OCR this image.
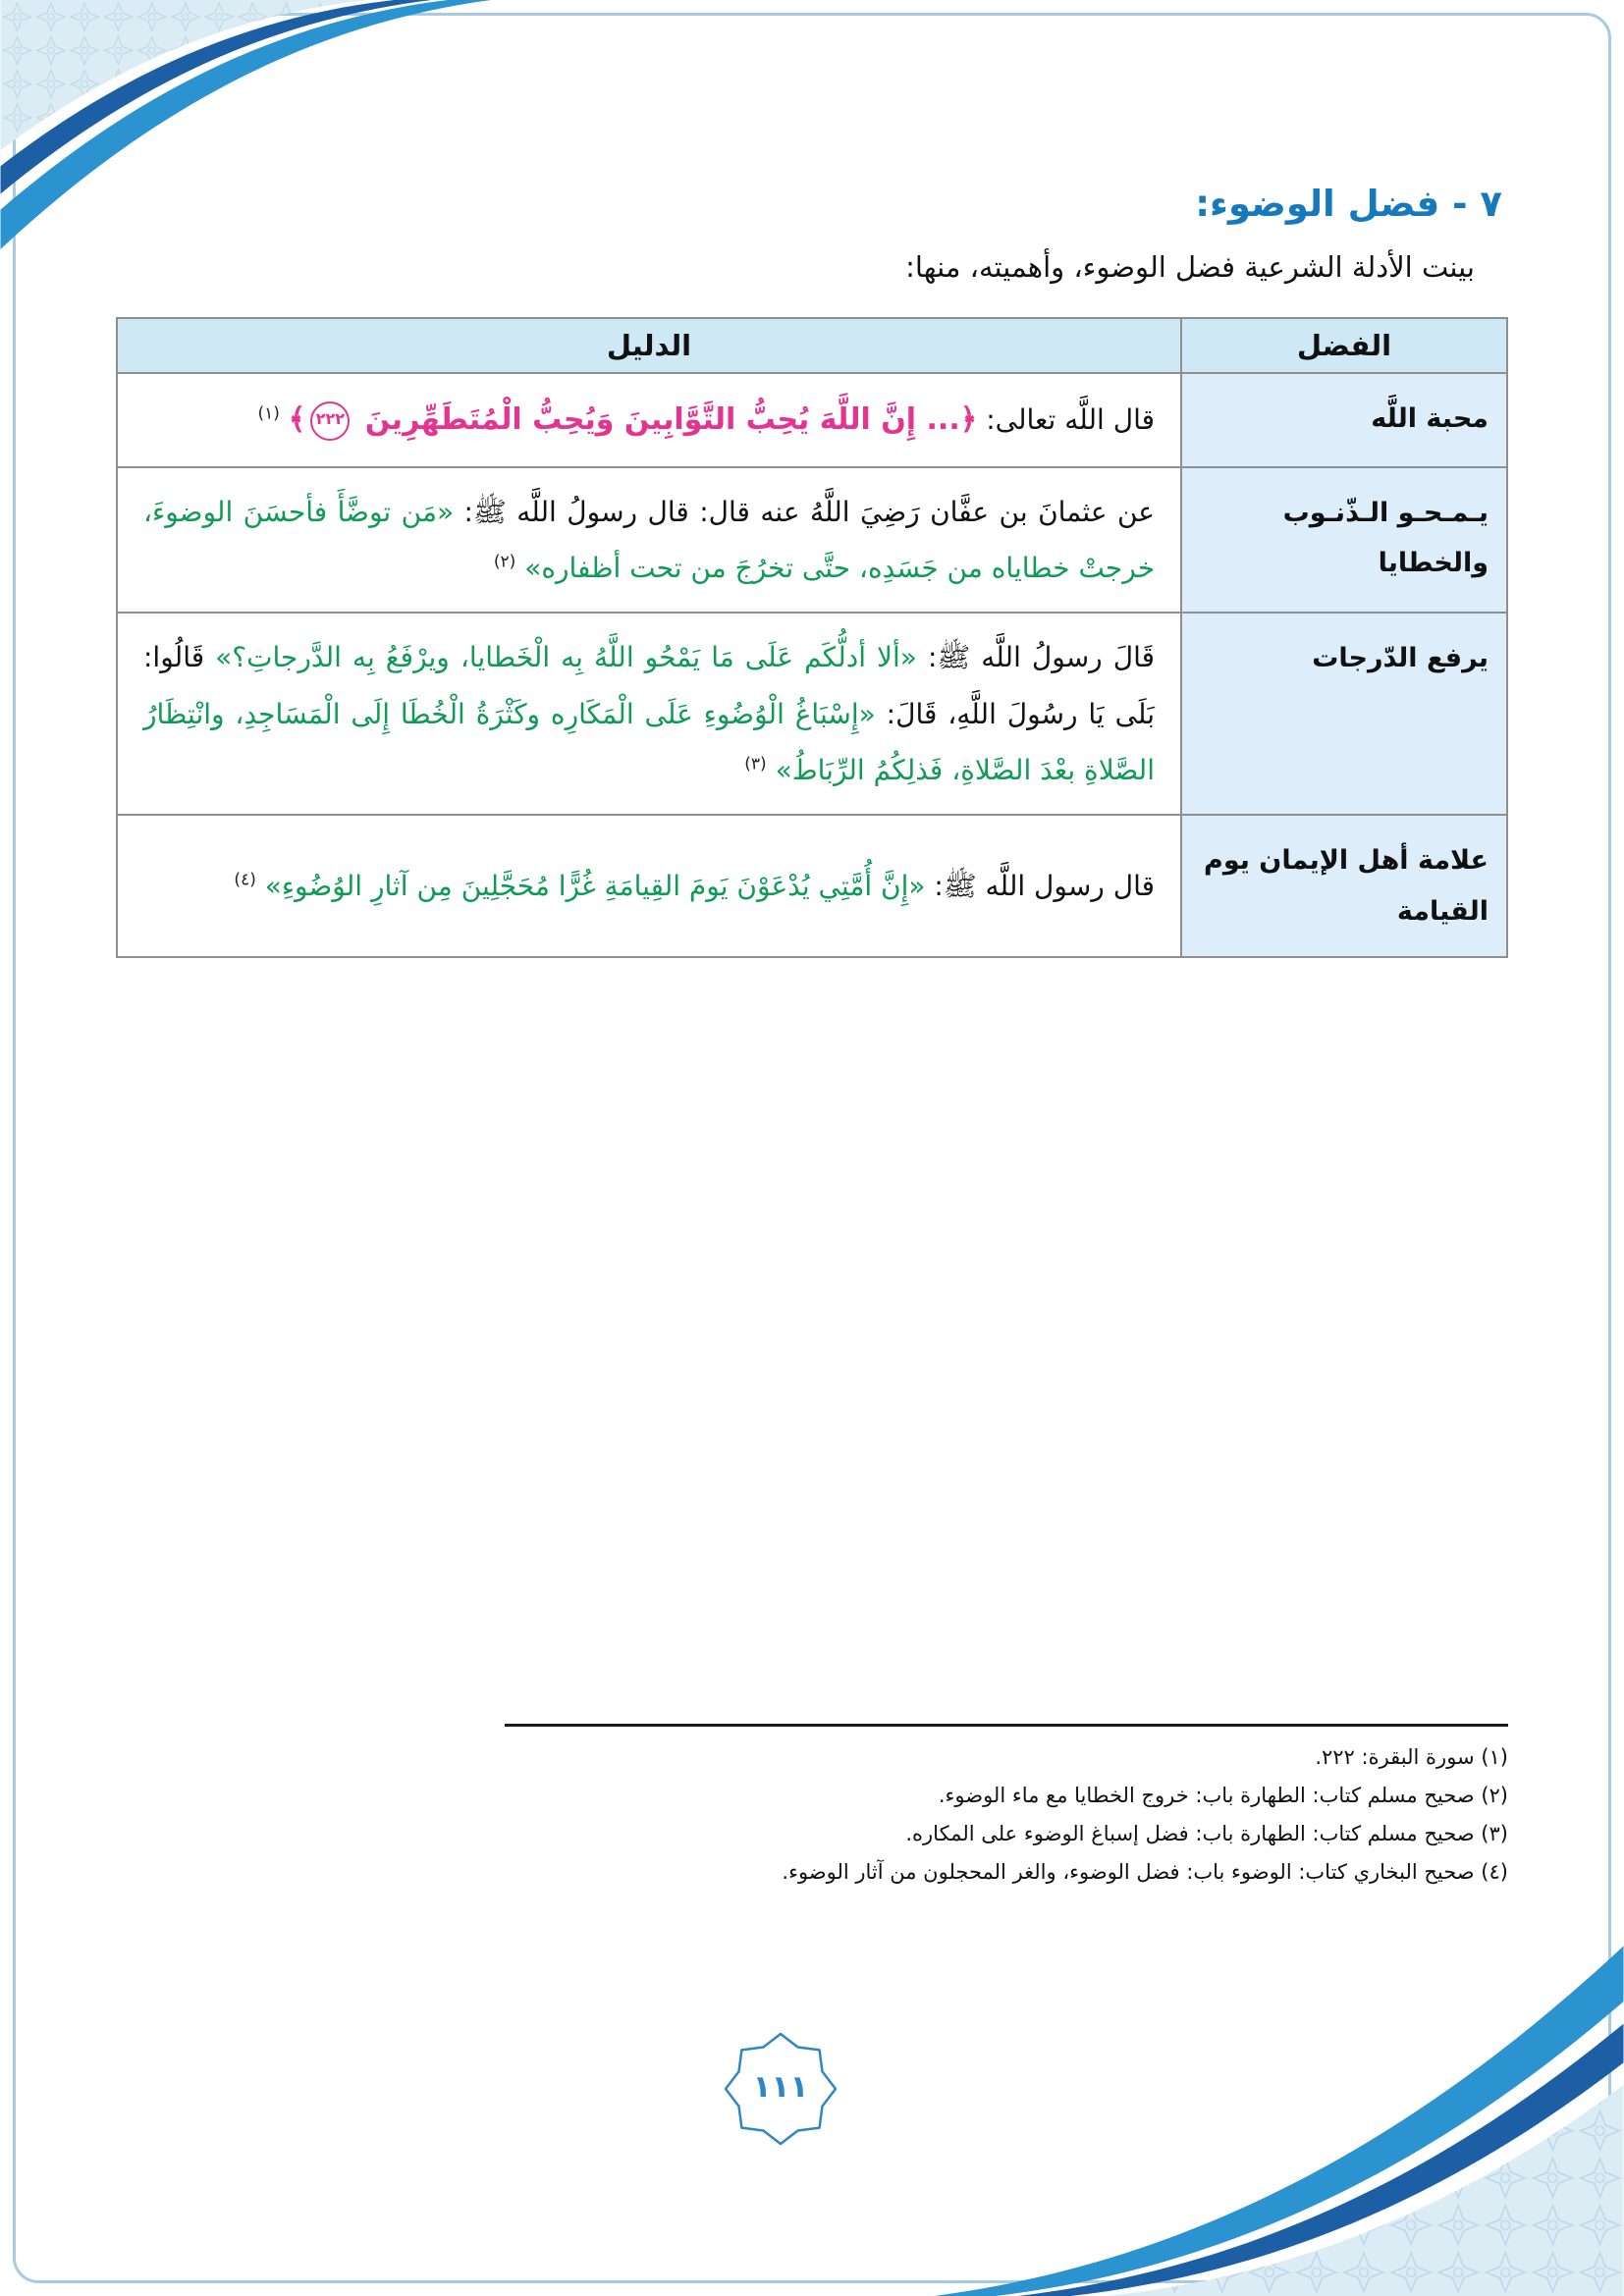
٧ - فضل الوضوء:

بينت الأدلة الشرعية فضل الوضوء، وأهميته، منها:

الفضل	الدليل
محبة اللَّه	قال اللَّه تعالى: ﴿... إِنَّ اللَّهَ يُحِبُّ التَّوَّابِينَ وَيُحِبُّ الْمُتَطَهِّرِينَ ٢٢٢﴾ $^{(١)}$
يـمـحـو الـذّنـوب والخطايا	عن عثمانَ بن عفَّان رَضِيَ اللَّهُ عنه قال: قال رسولُ اللَّه ﷺ: «مَن توضَّأَ فأحسَنَ الوضوءَ، خرجتْ خطاياه من جَسَدِه، حتَّى تخرُجَ من تحت أظفاره» $^{(٢)}$
يرفع الدّرجات	قَالَ رسولُ اللَّه ﷺ: «ألا أدلُّكَم عَلَى مَا يَمْحُو اللَّهُ بِه الْخَطايا، ويرْفَعُ بِه الدَّرجاتِ؟» قَالُوا: بَلَى يَا رسُولَ اللَّهِ، قَالَ: «إِسْبَاغُ الْوُضُوءِ عَلَى الْمَكَارِه وكَثْرَةُ الْخُطَا إِلَى الْمَسَاجِدِ، وانْتِظَارُ الصَّلاةِ بعْدَ الصَّلاةِ، فَذلِكُمُ الرِّبَاطُ» $^{(٣)}$
علامة أهل الإيمان يوم القيامة	قال رسول اللَّه ﷺ: «إِنَّ أُمَّتِي يُدْعَوْنَ يَومَ القِيامَةِ غُرًّا مُحَجَّلِينَ مِن آثارِ الوُضُوءِ» $^{(٤)}$

(١) سورة البقرة: ٢٢٢.

(٢) صحيح مسلم كتاب: الطهارة باب: خروج الخطايا مع ماء الوضوء.

(٣) صحيح مسلم كتاب: الطهارة باب: فضل إسباغ الوضوء على المكاره.

(٤) صحيح البخاري كتاب: الوضوء باب: فضل الوضوء، والغر المحجلون من آثار الوضوء.

١١١
